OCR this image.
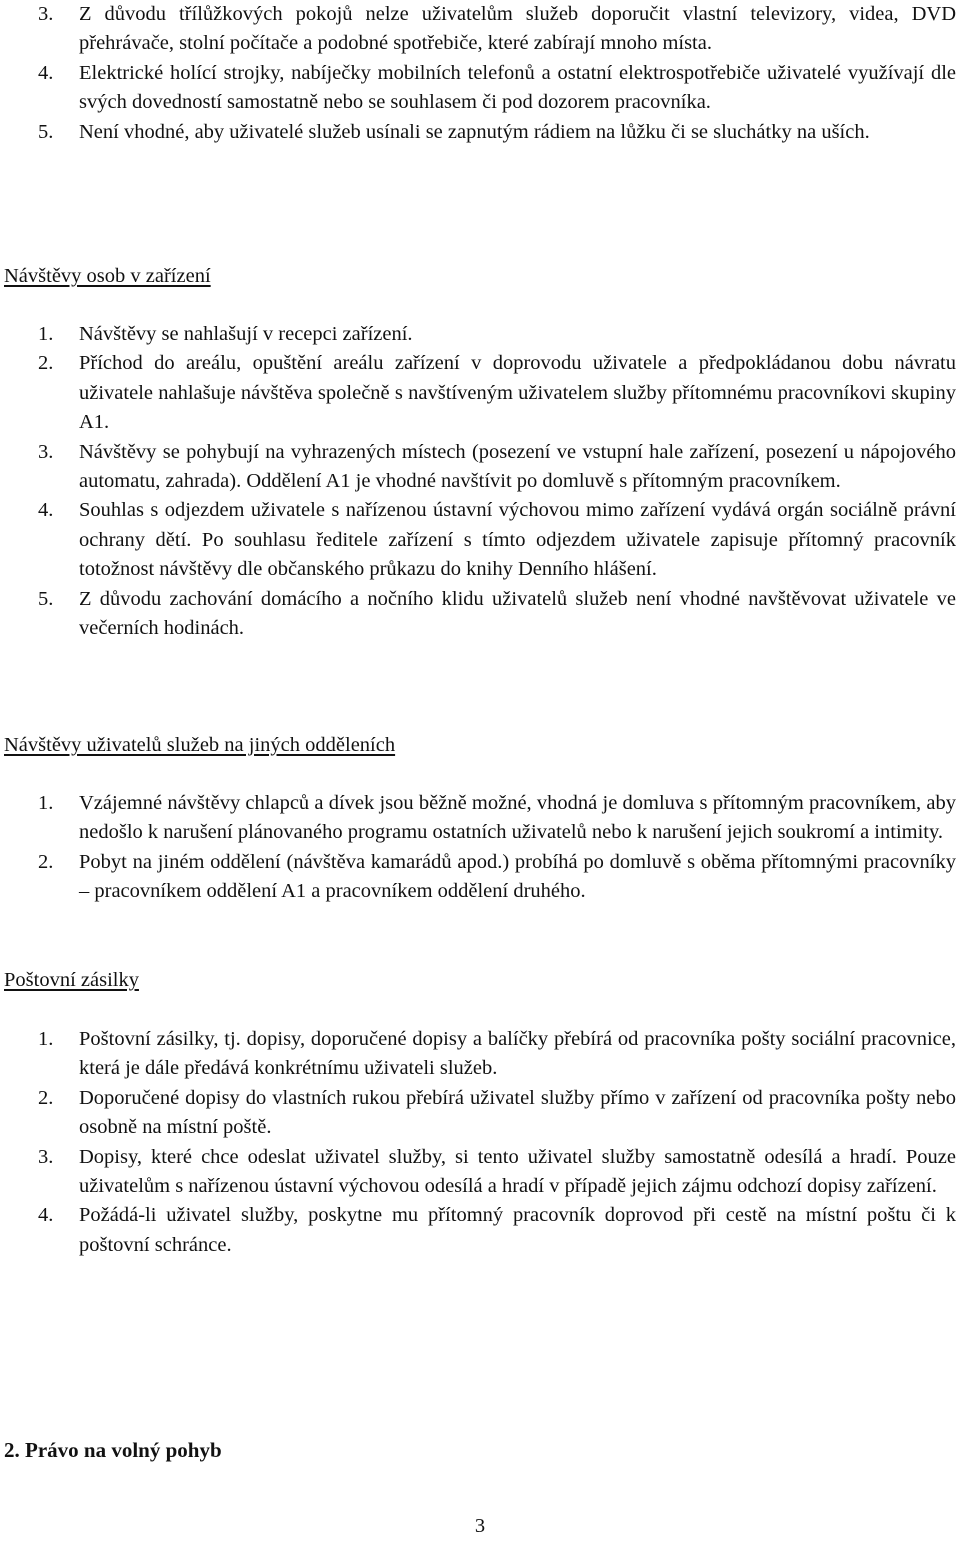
3. Z důvodu třílůžkových pokojů nelze uživatelům služeb doporučit vlastní televizory, videa, DVD přehrávače, stolní počítače a podobné spotřebiče, které zabírají mnoho místa.
4. Elektrické holící strojky, nabíječky mobilních telefonů a ostatní elektrospotřebiče uživatelé využívají dle svých dovedností samostatně nebo se souhlasem či pod dozorem pracovníka.
5. Není vhodné, aby uživatelé služeb usínali se zapnutým rádiem na lůžku či se sluchátky na uších.
Návštěvy osob v zařízení
1. Návštěvy se nahlašují v recepci zařízení.
2. Příchod do areálu, opuštění areálu zařízení v doprovodu uživatele a předpokládanou dobu návratu uživatele nahlašuje návštěva společně s navštíveným uživatelem služby přítomnému pracovníkovi skupiny A1.
3. Návštěvy se pohybují na vyhrazených místech (posezení ve vstupní hale zařízení, posezení u nápojového automatu, zahrada). Oddělení A1 je vhodné navštívit po domluvě s přítomným pracovníkem.
4. Souhlas s odjezdem uživatele s nařízenou ústavní výchovou mimo zařízení vydává orgán sociálně právní ochrany dětí. Po souhlasu ředitele zařízení s tímto odjezdem uživatele zapisuje přítomný pracovník totožnost návštěvy dle občanského průkazu do knihy Denního hlášení.
5. Z důvodu zachování domácího a nočního klidu uživatelů služeb není vhodné navštěvovat uživatele ve večerních hodinách.
Návštěvy uživatelů služeb na jiných odděleních
1. Vzájemné návštěvy chlapců a dívek jsou běžně možné, vhodná je domluva s přítomným pracovníkem, aby nedošlo k narušení plánovaného programu ostatních uživatelů nebo k narušení jejich soukromí a intimity.
2. Pobyt na jiném oddělení (návštěva kamarádů apod.) probíhá po domluvě s oběma přítomnými pracovníky – pracovníkem oddělení A1 a pracovníkem oddělení druhého.
Poštovní zásilky
1. Poštovní zásilky, tj. dopisy, doporučené dopisy a balíčky přebírá od pracovníka pošty sociální pracovnice, která je dále předává konkrétnímu uživateli služeb.
2. Doporučené dopisy do vlastních rukou přebírá uživatel služby přímo v zařízení od pracovníka pošty nebo osobně na místní poště.
3. Dopisy, které chce odeslat uživatel služby, si tento uživatel služby samostatně odesílá a hradí. Pouze uživatelům s nařízenou ústavní výchovou odesílá a hradí v případě jejich zájmu odchozí dopisy zařízení.
4. Požádá-li uživatel služby, poskytne mu přítomný pracovník doprovod při cestě na místní poštu či k poštovní schránce.
2. Právo na volný pohyb
3
